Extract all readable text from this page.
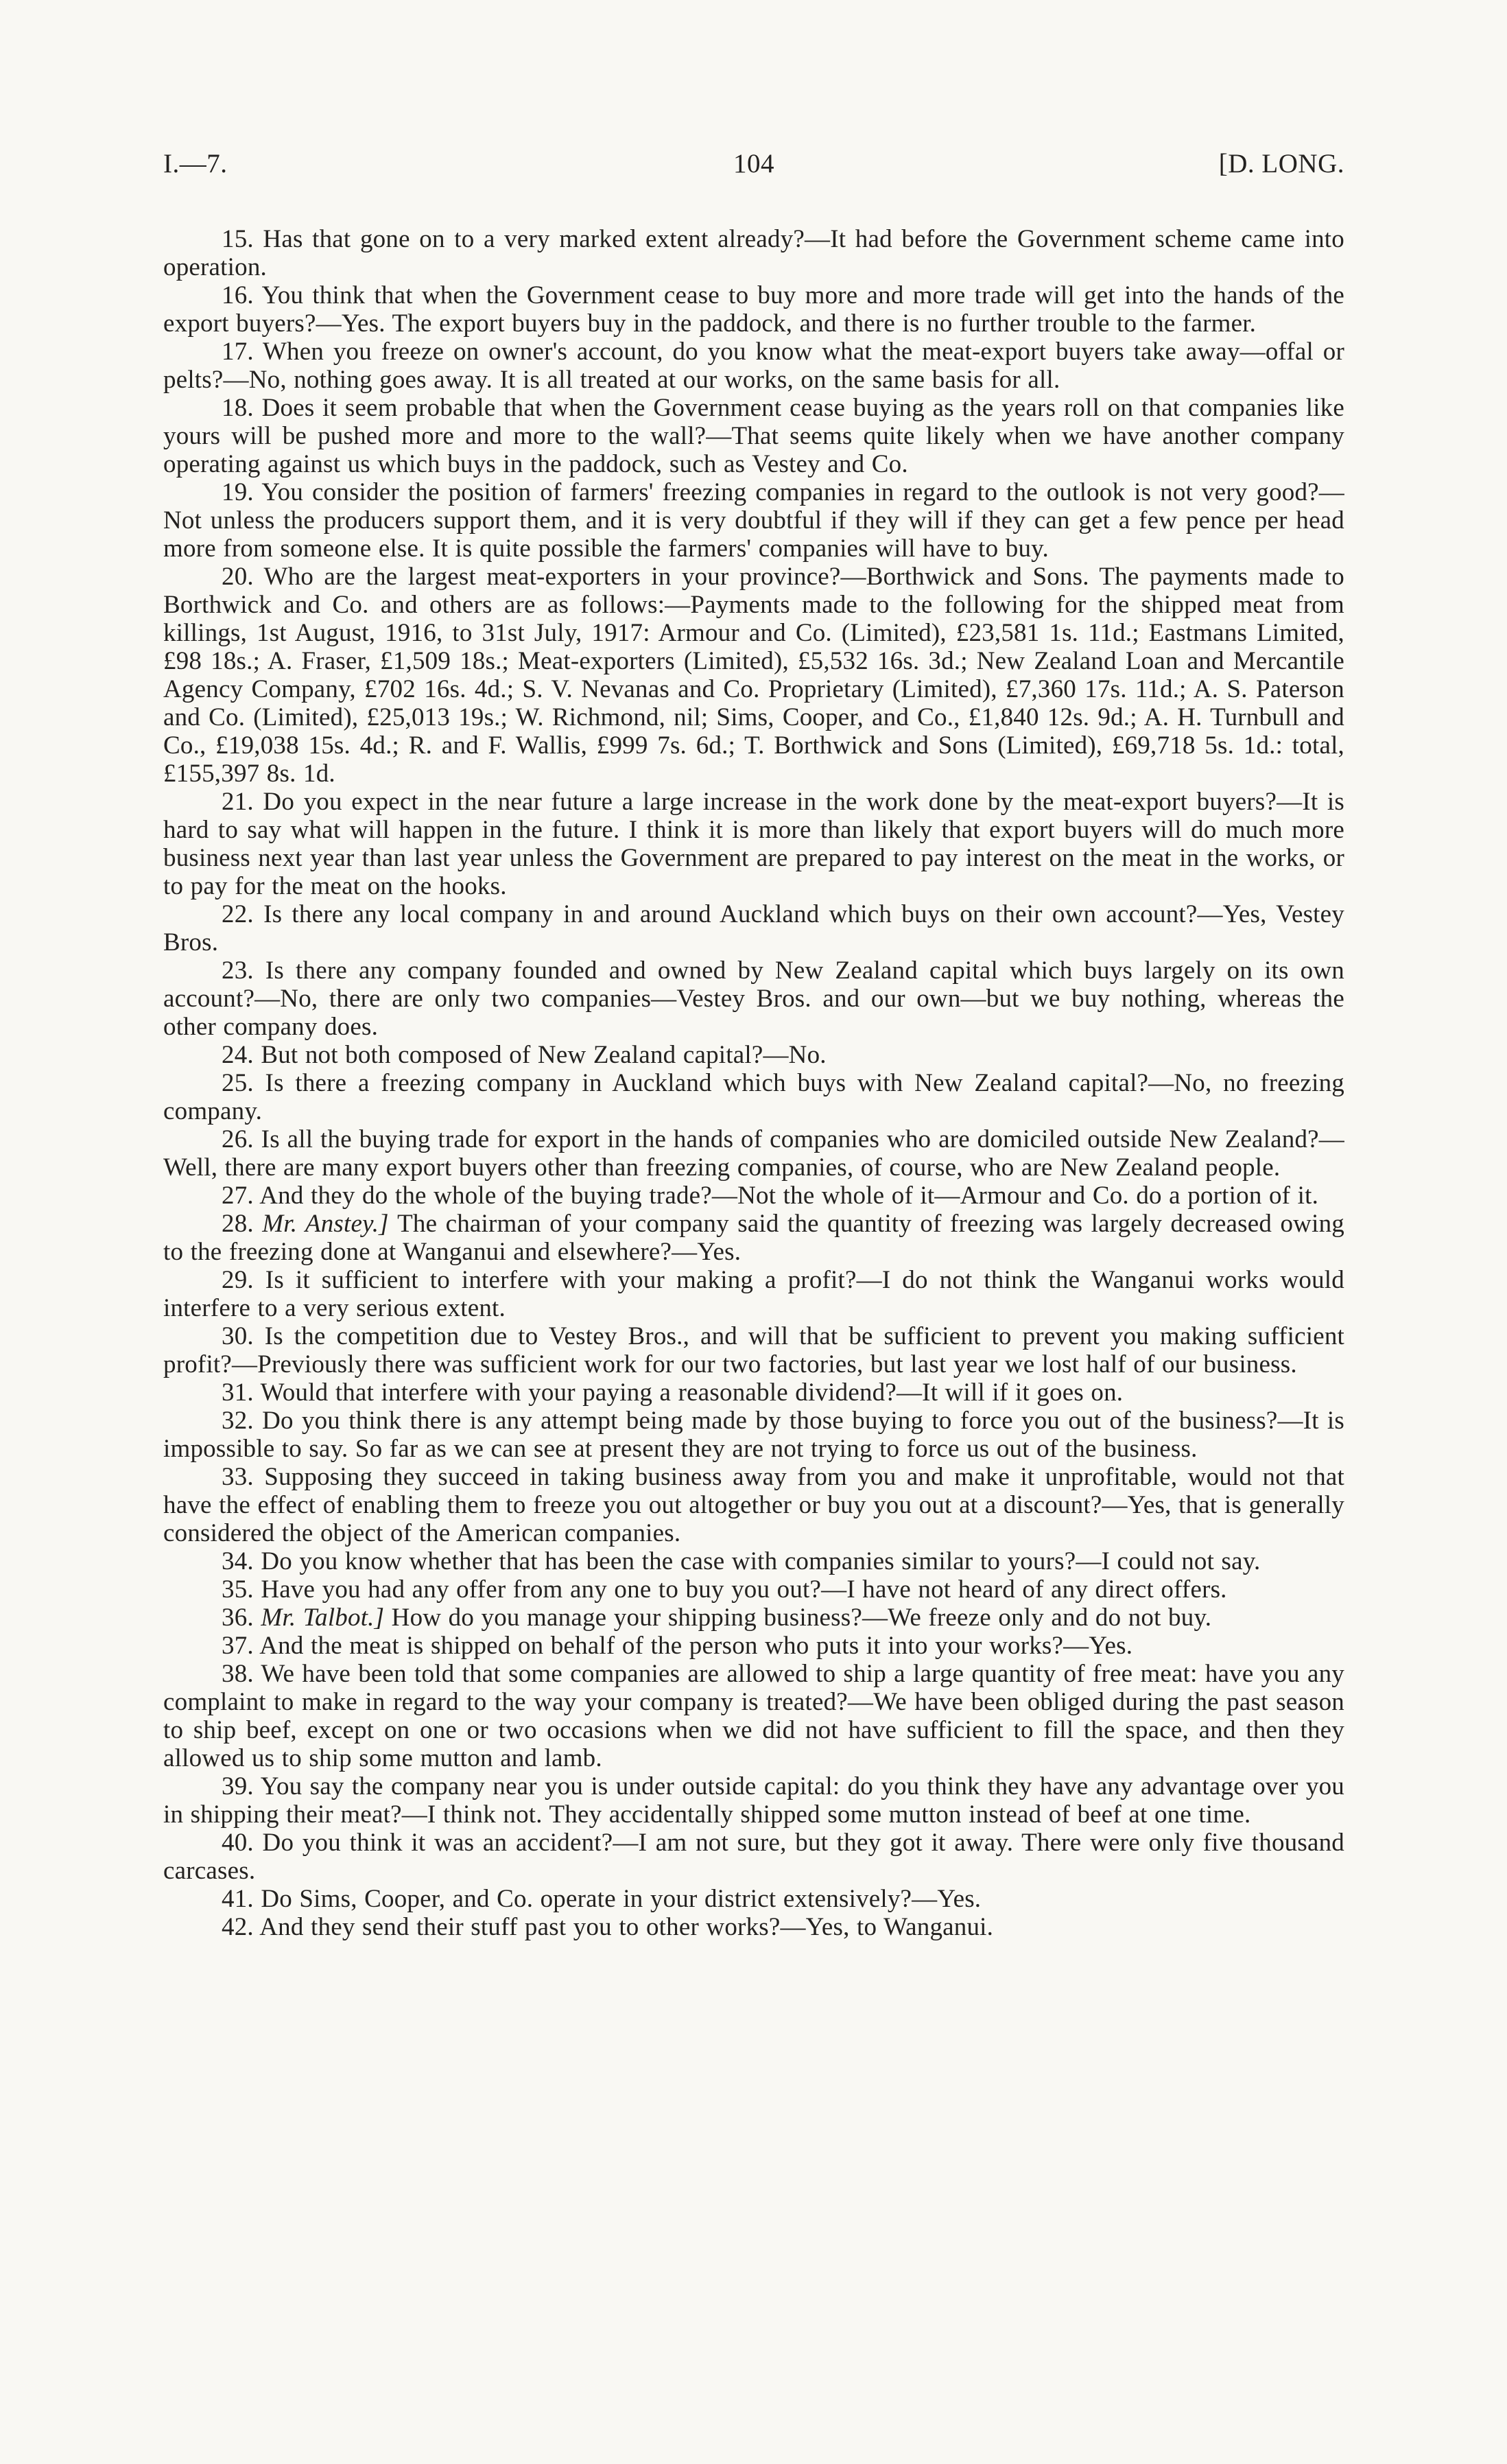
I.—7.	104	[D. LONG.

15. Has that gone on to a very marked extent already?—It had before the Government scheme came into operation.

16. You think that when the Government cease to buy more and more trade will get into the hands of the export buyers?—Yes. The export buyers buy in the paddock, and there is no further trouble to the farmer.

17. When you freeze on owner's account, do you know what the meat-export buyers take away—offal or pelts?—No, nothing goes away. It is all treated at our works, on the same basis for all.

18. Does it seem probable that when the Government cease buying as the years roll on that companies like yours will be pushed more and more to the wall?—That seems quite likely when we have another company operating against us which buys in the paddock, such as Vestey and Co.

19. You consider the position of farmers' freezing companies in regard to the outlook is not very good?—Not unless the producers support them, and it is very doubtful if they will if they can get a few pence per head more from someone else. It is quite possible the farmers' companies will have to buy.

20. Who are the largest meat-exporters in your province?—Borthwick and Sons. The payments made to Borthwick and Co. and others are as follows:—Payments made to the following for the shipped meat from killings, 1st August, 1916, to 31st July, 1917: Armour and Co. (Limited), £23,581 1s. 11d.; Eastmans Limited, £98 18s.; A. Fraser, £1,509 18s.; Meat-exporters (Limited), £5,532 16s. 3d.; New Zealand Loan and Mercantile Agency Company, £702 16s. 4d.; S. V. Nevanas and Co. Proprietary (Limited), £7,360 17s. 11d.; A. S. Paterson and Co. (Limited), £25,013 19s.; W. Richmond, nil; Sims, Cooper, and Co., £1,840 12s. 9d.; A. H. Turnbull and Co., £19,038 15s. 4d.; R. and F. Wallis, £999 7s. 6d.; T. Borthwick and Sons (Limited), £69,718 5s. 1d.: total, £155,397 8s. 1d.

21. Do you expect in the near future a large increase in the work done by the meat-export buyers?—It is hard to say what will happen in the future. I think it is more than likely that export buyers will do much more business next year than last year unless the Government are prepared to pay interest on the meat in the works, or to pay for the meat on the hooks.

22. Is there any local company in and around Auckland which buys on their own account?—Yes, Vestey Bros.

23. Is there any company founded and owned by New Zealand capital which buys largely on its own account?—No, there are only two companies—Vestey Bros. and our own—but we buy nothing, whereas the other company does.

24. But not both composed of New Zealand capital?—No.

25. Is there a freezing company in Auckland which buys with New Zealand capital?—No, no freezing company.

26. Is all the buying trade for export in the hands of companies who are domiciled outside New Zealand?—Well, there are many export buyers other than freezing companies, of course, who are New Zealand people.

27. And they do the whole of the buying trade?—Not the whole of it—Armour and Co. do a portion of it.

28. Mr. Anstey.] The chairman of your company said the quantity of freezing was largely decreased owing to the freezing done at Wanganui and elsewhere?—Yes.

29. Is it sufficient to interfere with your making a profit?—I do not think the Wanganui works would interfere to a very serious extent.

30. Is the competition due to Vestey Bros., and will that be sufficient to prevent you making sufficient profit?—Previously there was sufficient work for our two factories, but last year we lost half of our business.

31. Would that interfere with your paying a reasonable dividend?—It will if it goes on.

32. Do you think there is any attempt being made by those buying to force you out of the business?—It is impossible to say. So far as we can see at present they are not trying to force us out of the business.

33. Supposing they succeed in taking business away from you and make it unprofitable, would not that have the effect of enabling them to freeze you out altogether or buy you out at a discount?—Yes, that is generally considered the object of the American companies.

34. Do you know whether that has been the case with companies similar to yours?—I could not say.

35. Have you had any offer from any one to buy you out?—I have not heard of any direct offers.

36. Mr. Talbot.] How do you manage your shipping business?—We freeze only and do not buy.

37. And the meat is shipped on behalf of the person who puts it into your works?—Yes.

38. We have been told that some companies are allowed to ship a large quantity of free meat: have you any complaint to make in regard to the way your company is treated?—We have been obliged during the past season to ship beef, except on one or two occasions when we did not have sufficient to fill the space, and then they allowed us to ship some mutton and lamb.

39. You say the company near you is under outside capital: do you think they have any advantage over you in shipping their meat?—I think not. They accidentally shipped some mutton instead of beef at one time.

40. Do you think it was an accident?—I am not sure, but they got it away. There were only five thousand carcases.

41. Do Sims, Cooper, and Co. operate in your district extensively?—Yes.

42. And they send their stuff past you to other works?—Yes, to Wanganui.
